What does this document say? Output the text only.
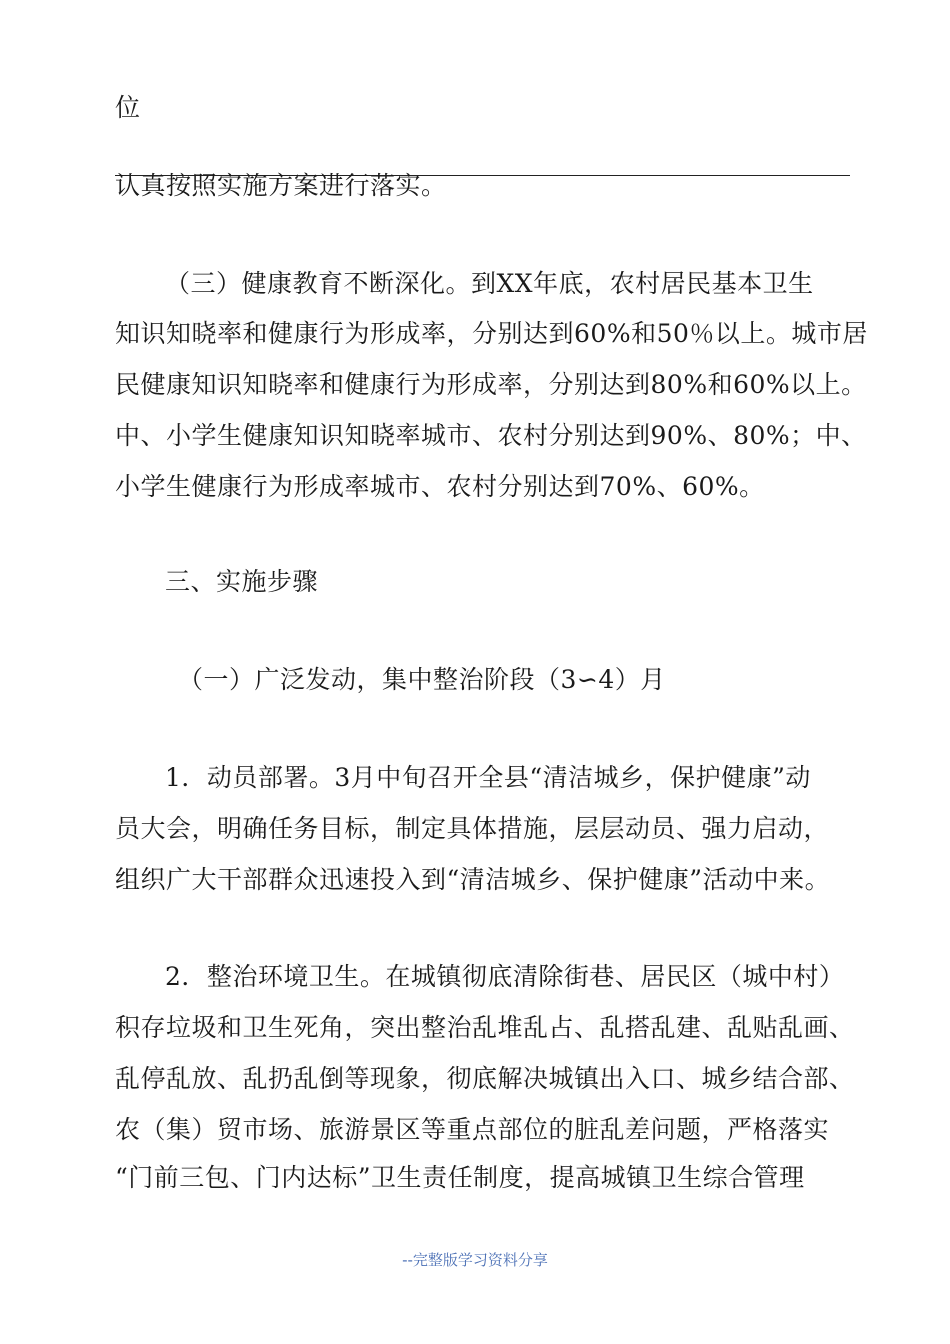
位
认真按照实施方案进行落实。
（三）健康教育不断深化。到XX年底，农村居民基本卫生
知识知晓率和健康行为形成率，分别达到60%和50％以上。城市居
民健康知识知晓率和健康行为形成率，分别达到80%和60%以上。
中、小学生健康知识知晓率城市、农村分别达到90%、80%；中、
小学生健康行为形成率城市、农村分别达到70%、60%。
三、实施步骤
（一）广泛发动，集中整治阶段（3∽4）月
1．动员部署。3月中旬召开全县“清洁城乡，保护健康”动
员大会，明确任务目标，制定具体措施，层层动员、强力启动，
组织广大干部群众迅速投入到“清洁城乡、保护健康”活动中来。
2．整治环境卫生。在城镇彻底清除街巷、居民区（城中村）
积存垃圾和卫生死角，突出整治乱堆乱占、乱搭乱建、乱贴乱画、
乱停乱放、乱扔乱倒等现象，彻底解决城镇出入口、城乡结合部、
农（集）贸市场、旅游景区等重点部位的脏乱差问题，严格落实
“门前三包、门内达标”卫生责任制度，提高城镇卫生综合管理
--完整版学习资料分享
